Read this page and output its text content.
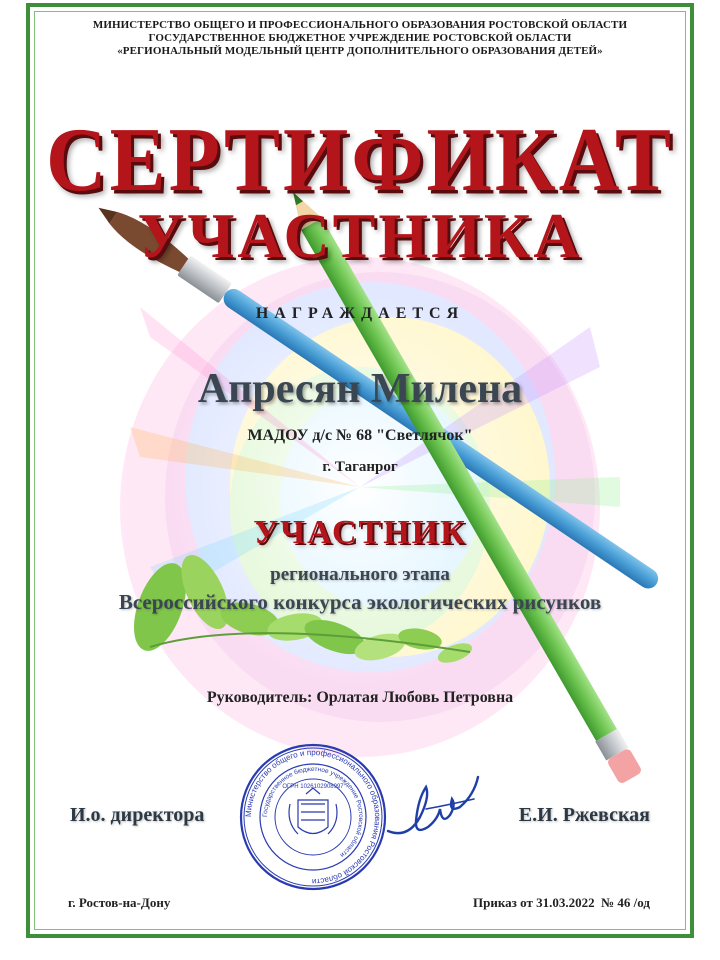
МИНИСТЕРСТВО ОБЩЕГО И ПРОФЕССИОНАЛЬНОГО ОБРАЗОВАНИЯ РОСТОВСКОЙ ОБЛАСТИ
ГОСУДАРСТВЕННОЕ БЮДЖЕТНОЕ УЧРЕЖДЕНИЕ РОСТОВСКОЙ ОБЛАСТИ
«РЕГИОНАЛЬНЫЙ МОДЕЛЬНЫЙ ЦЕНТР ДОПОЛНИТЕЛЬНОГО ОБРАЗОВАНИЯ ДЕТЕЙ»
СЕРТИФИКАТ
УЧАСТНИКА
НАГРАЖДАЕТСЯ
Апресян Милена
МАДОУ д/с № 68 "Светлячок"
г. Таганрог
УЧАСТНИК
регионального этапа
Всероссийского конкурса экологических рисунков
Руководитель: Орлатая Любовь Петровна
И.о. директора	Е.И. Ржевская
Министерство общего и профессионального образования Ростовской области
Государственное бюджетное учреждение Ростовской области
ОГРН 1026102908997
г. Ростов-на-Дону	Приказ от 31.03.2022  № 46 /од
